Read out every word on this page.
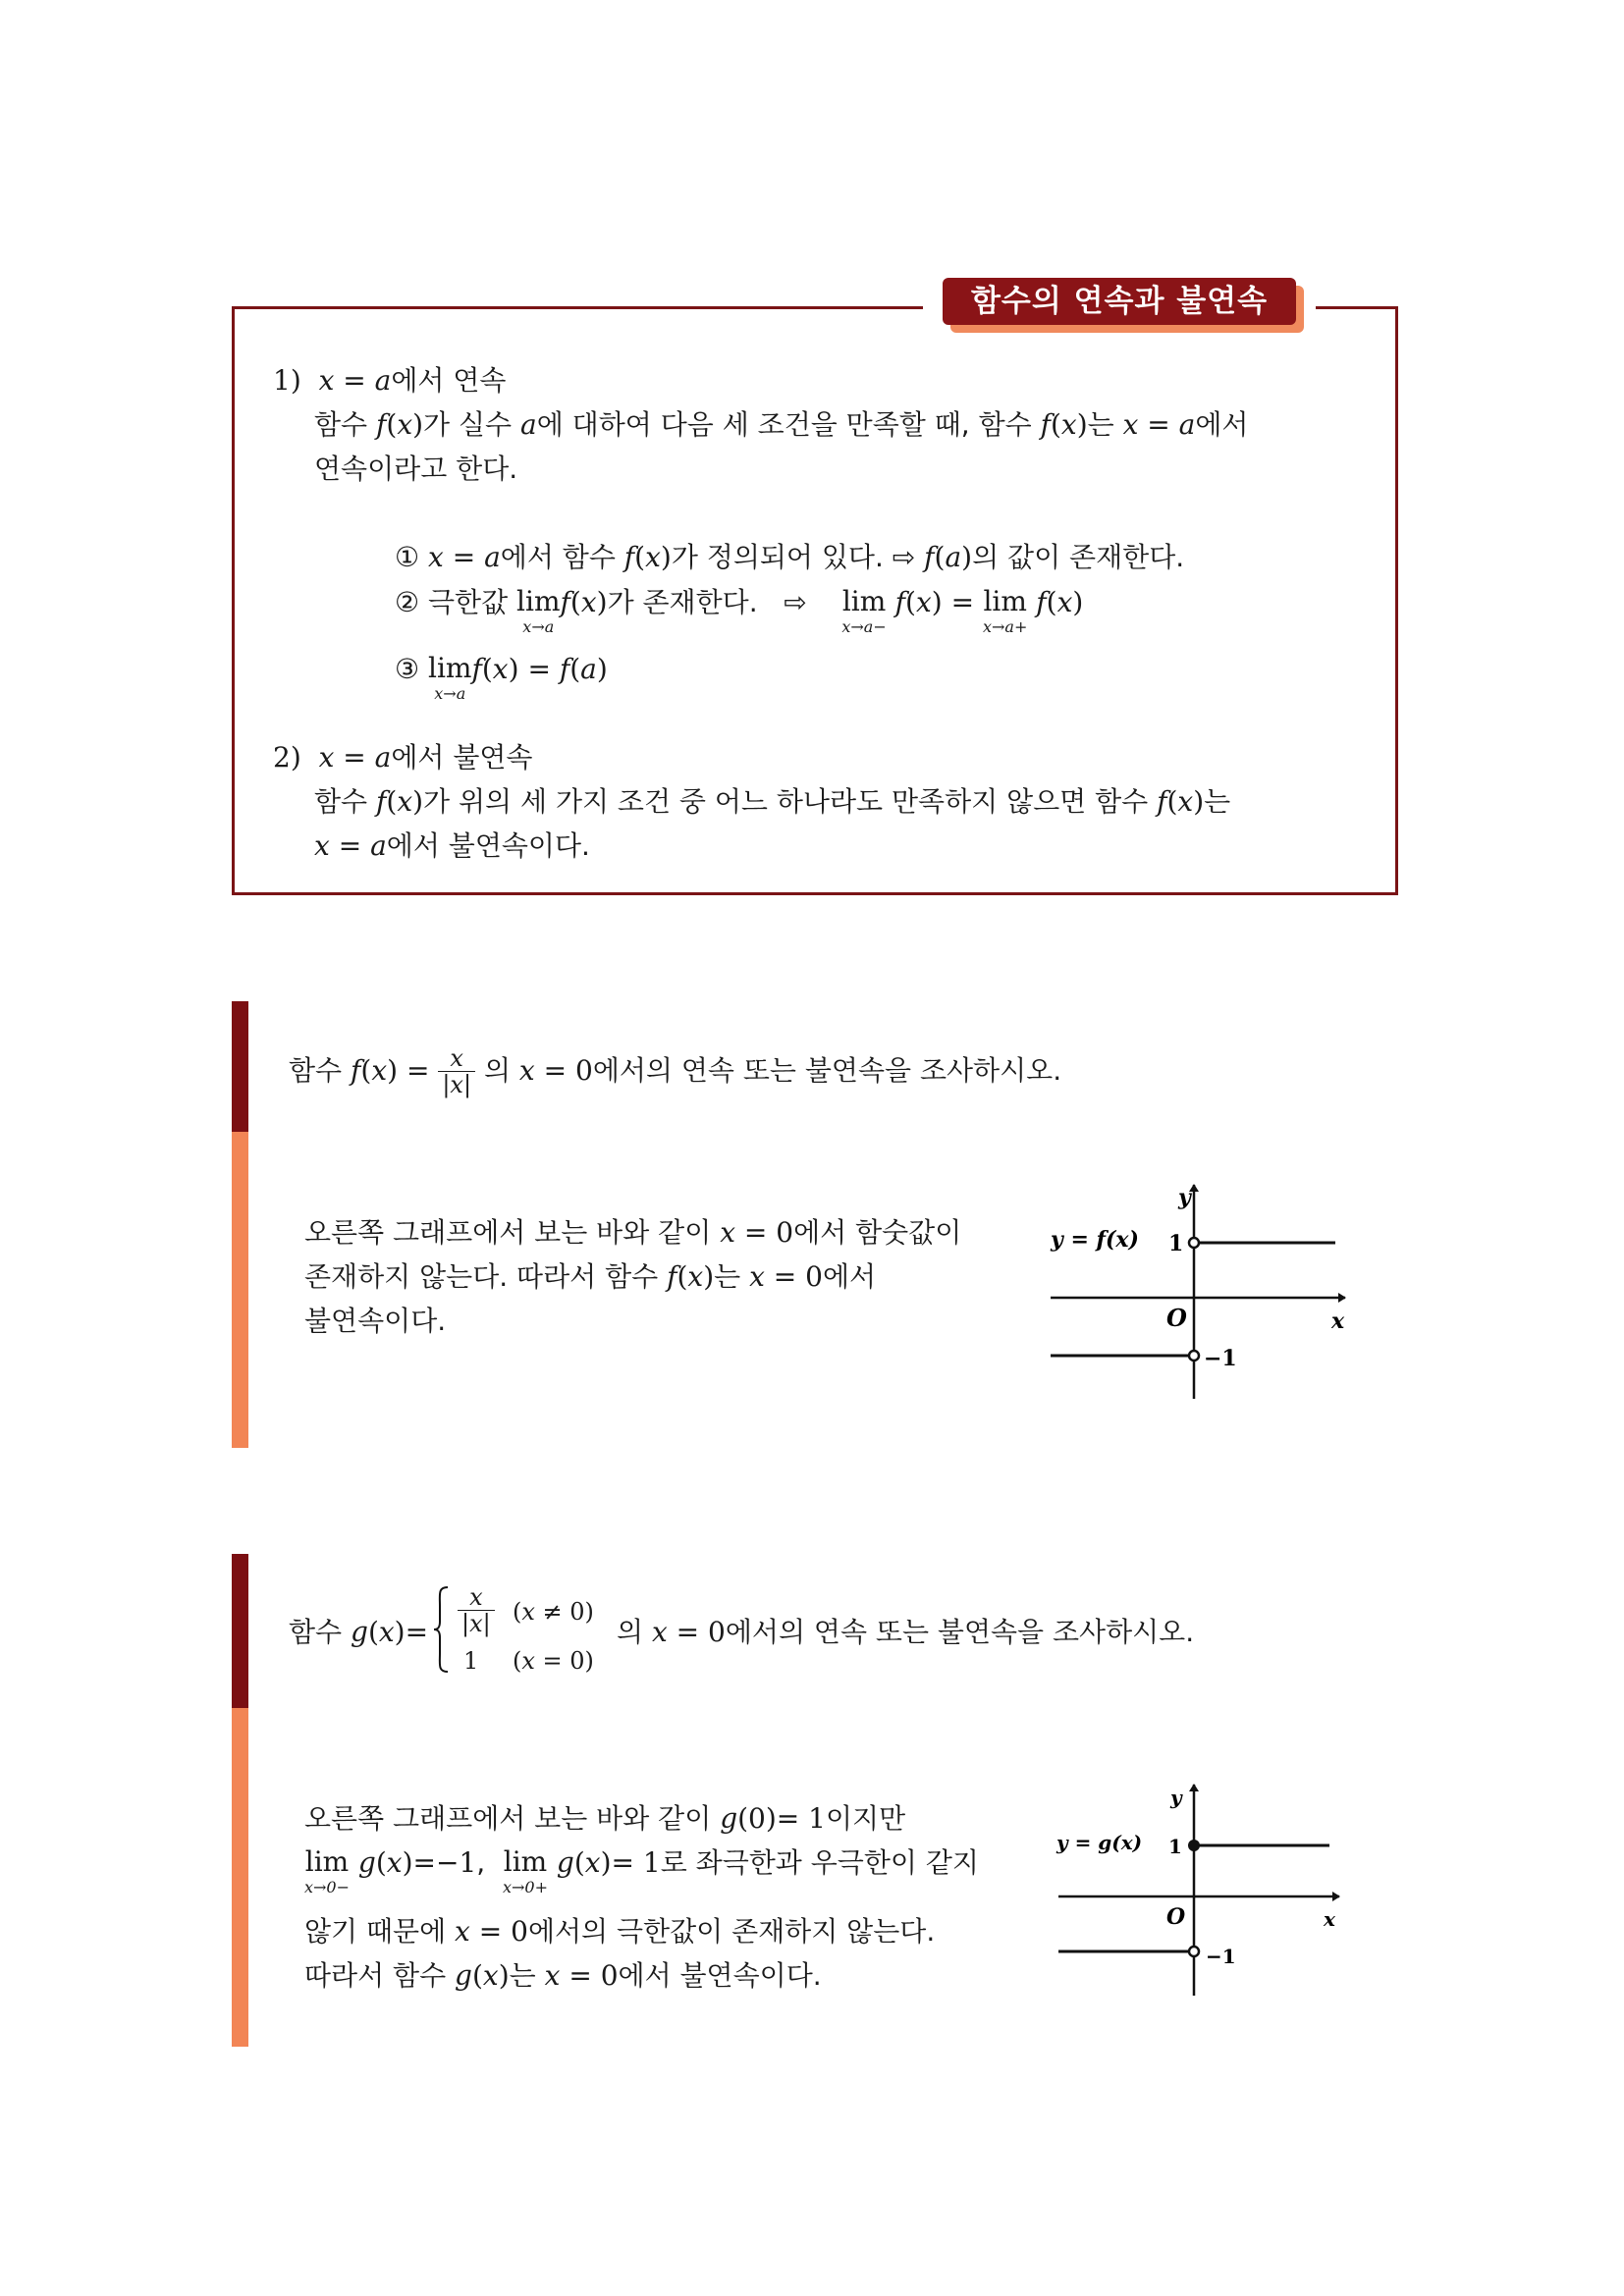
함수의 연속과 불연속
1) x = a에서 연속
함수 f(x)가 실수 a에 대하여 다음 세 조건을 만족할 때, 함수 f(x)는 x = a에서
연속이라고 한다.
① x = a에서 함수 f(x)가 정의되어 있다. ⇨ f(a)의 값이 존재한다.
② 극한값 lim
x→a
f(x)가 존재한다.   ⇨ lim
x→a−
f(x) = lim
x→a+
f(x)
③ lim
x→a
f(x) = f(a)
2) x = a에서 불연속
함수 f(x)가 위의 세 가지 조건 중 어느 하나라도 만족하지 않으면 함수 f(x)는
x = a에서 불연속이다.
함수 $f(x) = \frac{x}{|x|}$ 의 x = 0에서의 연속 또는 불연속을 조사하시오.
오른쪽 그래프에서 보는 바와 같이 x = 0에서 함숫값이
존재하지 않는다. 따라서 함수 f(x)는 x = 0에서
불연속이다.
y
x
O
1
−1
y = f(x)
함수 $g(x)= \frac{x}{|x|} (x \ne 0)$
1 (x = 0)
의 x = 0에서의 연속 또는 불연속을 조사하시오.
오른쪽 그래프에서 보는 바와 같이 g(0)= 1이지만
lim
x→0−
g(x)=−1, lim
x→0+
g(x)= 1로 좌극한과 우극한이 같지
않기 때문에 x = 0에서의 극한값이 존재하지 않는다.
따라서 함수 g(x)는 x = 0에서 불연속이다.
y
x
O
1
−1
y = g(x)
